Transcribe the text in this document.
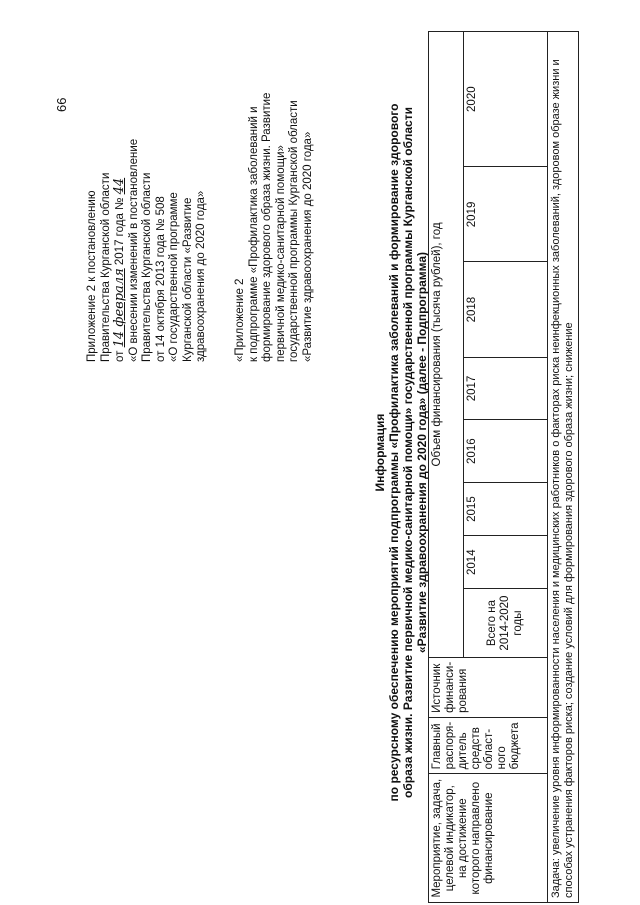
66
Приложение 2 к постановлению Правительства Курганской области от 14 февраля 2017 года № 44 «О внесении изменений в постановление Правительства Курганской области от 14 октября 2013 года № 508 «О государственной программе Курганской области «Развитие здравоохранения до 2020 года» «Приложение 2 к подпрограмме «Профилактика заболеваний и формирование здорового образа жизни. Развитие первичной медико-санитарной помощи» государственной программы Курганской области «Развитие здравоохранения до 2020 года»
Информация по ресурсному обеспечению мероприятий подпрограммы «Профилактика заболеваний и формирование здорового образа жизни. Развитие первичной медико-санитарной помощи» государственной программы Курганской области «Развитие здравоохранения до 2020 года» (далее - Подпрограмма)
Мероприятие, задача, целевой индикатор, на достижение которого направлено финансирование	Главный распоря-дитель средств област-ного бюджета	Источник финанси-рования	Объем финансирования (тысяча рублей), год							
			Всего на 2014-2020 годы	2014	2015	2016	2017	2018	2019	2020
Задача: увеличение уровня информированности населения и медицинских работников о факторах риска неинфекционных заболеваний, здоровом образе жизни и способах устранения факторов риска; создание условий для формирования здорового образа жизни; снижение										
